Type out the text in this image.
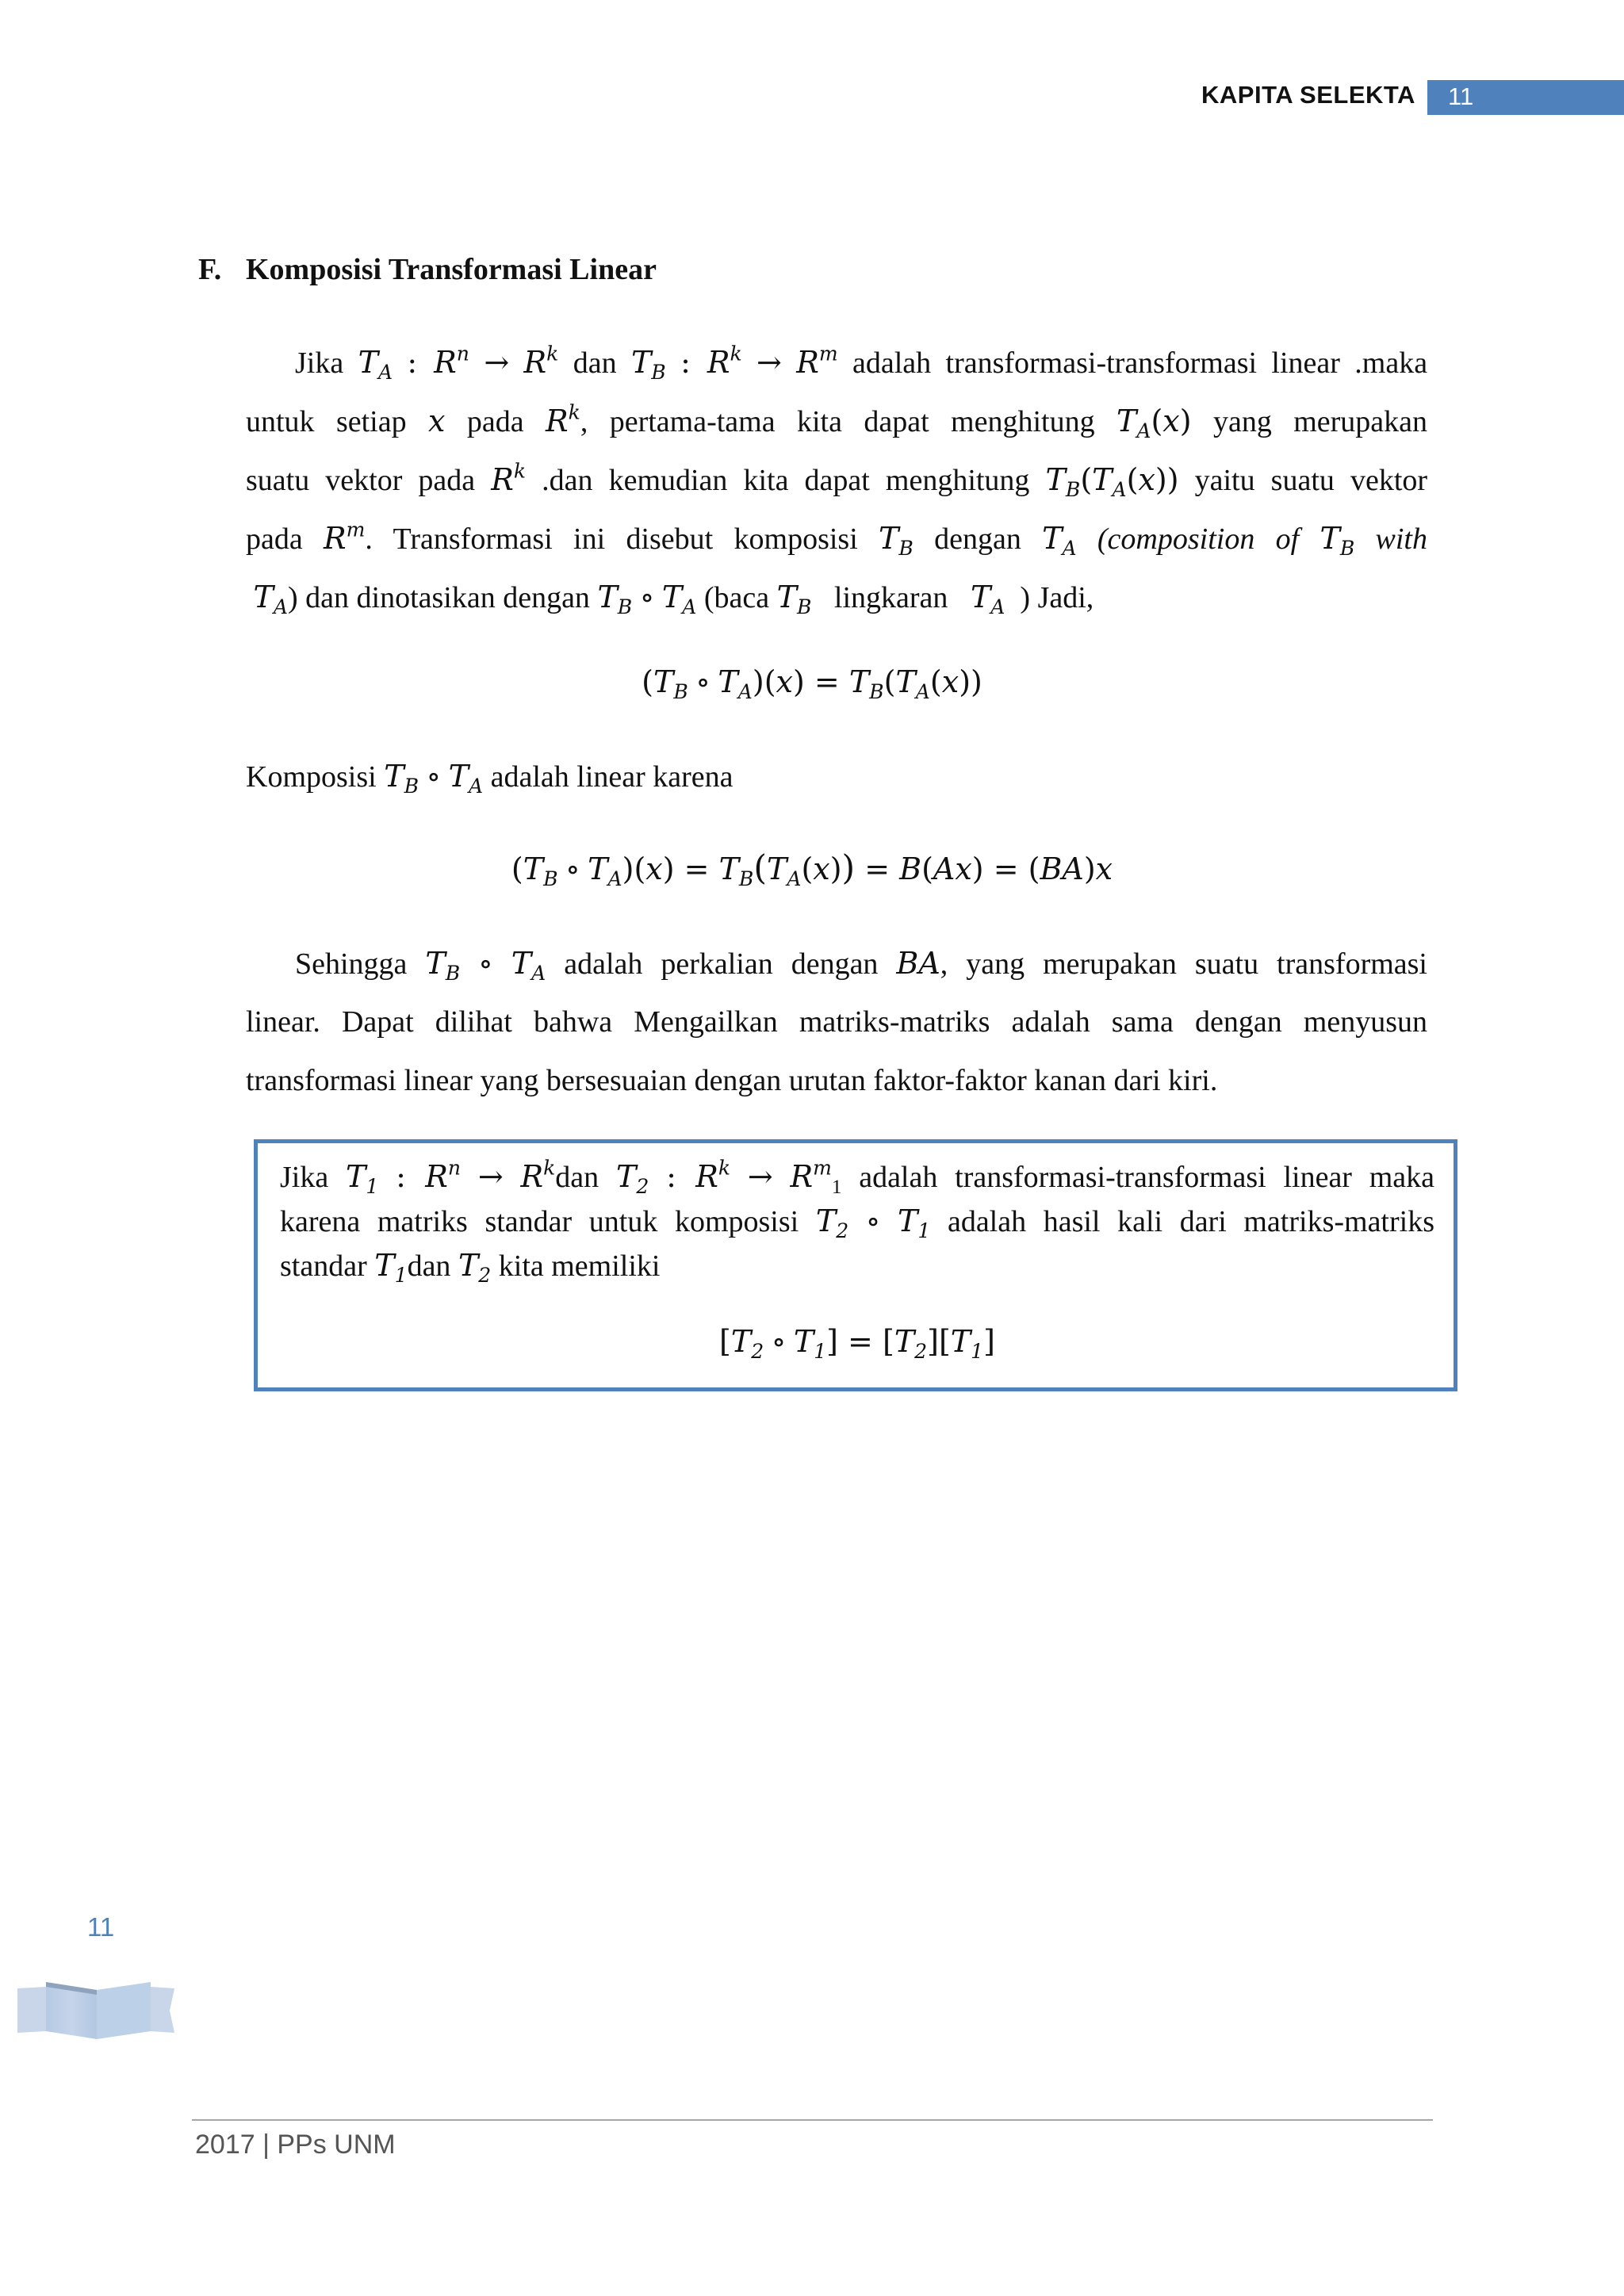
KAPITA SELEKTA 11
F. Komposisi Transformasi Linear
Jika $T_A$ : $R^n \to R^k$ dan $T_B$ : $R^k \to R^m$ adalah transformasi-transformasi linear .maka
untuk setiap x pada $R^k$, pertama-tama kita dapat menghitung $T_A(x)$ yang merupakan
suatu vektor pada $R^k$ .dan kemudian kita dapat menghitung $T_B(T_A(x))$ yaitu suatu vektor
pada $R^m$. Transformasi ini disebut komposisi $T_B$ dengan $T_A$ (composition of $T_B$ with
$T_A$) dan dinotasikan dengan $T_B$ ∘ $T_A$ (baca $T_B$ lingkaran $T_A$ ) Jadi,
($T_B$ ∘ $T_A)(x) = T_B(T_A(x))$
Komposisi $T_B$ ∘ $T_A$ adalah linear karena
($T_B$ ∘ $T_A)(x) = T_B(T_A(x)) = B(Ax) = (BA)x$
Sehingga $T_B$ ∘ $T_A$ adalah perkalian dengan BA, yang merupakan suatu transformasi
linear. Dapat dilihat bahwa Mengailkan matriks-matriks adalah sama dengan menyusun
transformasi linear yang bersesuaian dengan urutan faktor-faktor kanan dari kiri.
Jika $T_1$ : $R^n \to R^kdan$ $T_2$ : $R^k \to R^m_1$ adalah transformasi-transformasi linear maka
karena matriks standar untuk komposisi $T_2$ ∘ $T_1$ adalah hasil kali dari matriks-matriks
standar $T_1dan$ $T_2$ kita memiliki
[$T_2$ ∘ $T_1] = [T_2][T_1]$
11
2017 | PPs UNM
